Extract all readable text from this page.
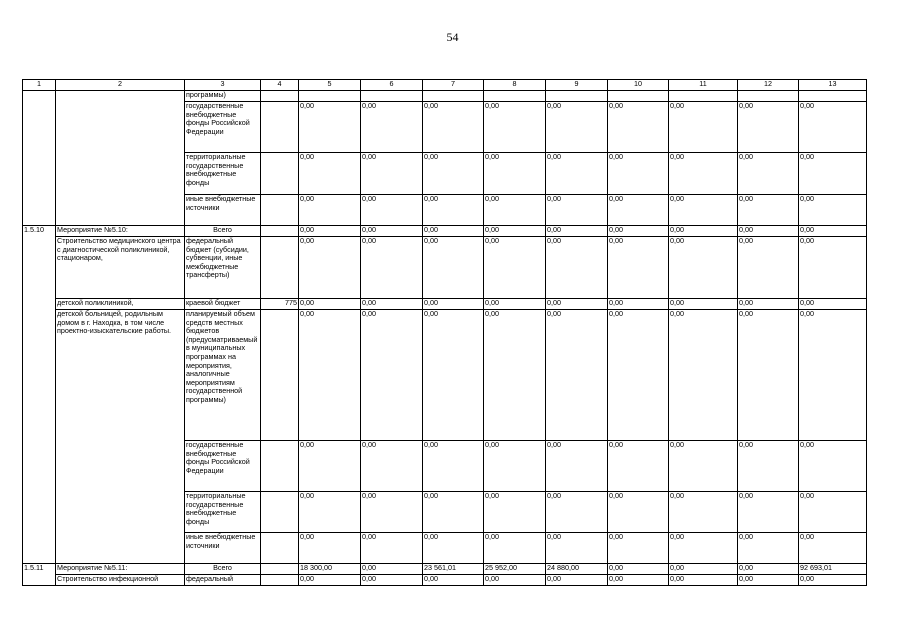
54
1	2	3	4	5	6	7	8	9	10	11	12	13
		программы)										
		государственные внебюджетные фонды Российской Федерации		0,00	0,00	0,00	0,00	0,00	0,00	0,00	0,00	0,00
		территориальные государственные внебюджетные фонды		0,00	0,00	0,00	0,00	0,00	0,00	0,00	0,00	0,00
		иные внебюджетные источники		0,00	0,00	0,00	0,00	0,00	0,00	0,00	0,00	0,00
1.5.10	Мероприятие №5.10:	Всего		0,00	0,00	0,00	0,00	0,00	0,00	0,00	0,00	0,00
	Строительство медицинского центра с диагностической поликлиникой, стационаром,	федеральный бюджет (субсидии, субвенции, иные межбюджетные трансферты)		0,00	0,00	0,00	0,00	0,00	0,00	0,00	0,00	0,00
	детской поликлиникой,	краевой бюджет	775	0,00	0,00	0,00	0,00	0,00	0,00	0,00	0,00	0,00
	детской больницей, родильным домом в г. Находка, в том числе проектно-изыскательские работы.	планируемый объем средств местных бюджетов (предусматриваемый в муниципальных программах на мероприятия, аналогичные мероприятиям государственной программы)		0,00	0,00	0,00	0,00	0,00	0,00	0,00	0,00	0,00
		государственные внебюджетные фонды Российской Федерации		0,00	0,00	0,00	0,00	0,00	0,00	0,00	0,00	0,00
		территориальные государственные внебюджетные фонды		0,00	0,00	0,00	0,00	0,00	0,00	0,00	0,00	0,00
		иные внебюджетные источники		0,00	0,00	0,00	0,00	0,00	0,00	0,00	0,00	0,00
1.5.11	Мероприятие №5.11:	Всего		18 300,00	0,00	23 561,01	25 952,00	24 880,00	0,00	0,00	0,00	92 693,01
	Строительство инфекционной	федеральный		0,00	0,00	0,00	0,00	0,00	0,00	0,00	0,00	0,00
